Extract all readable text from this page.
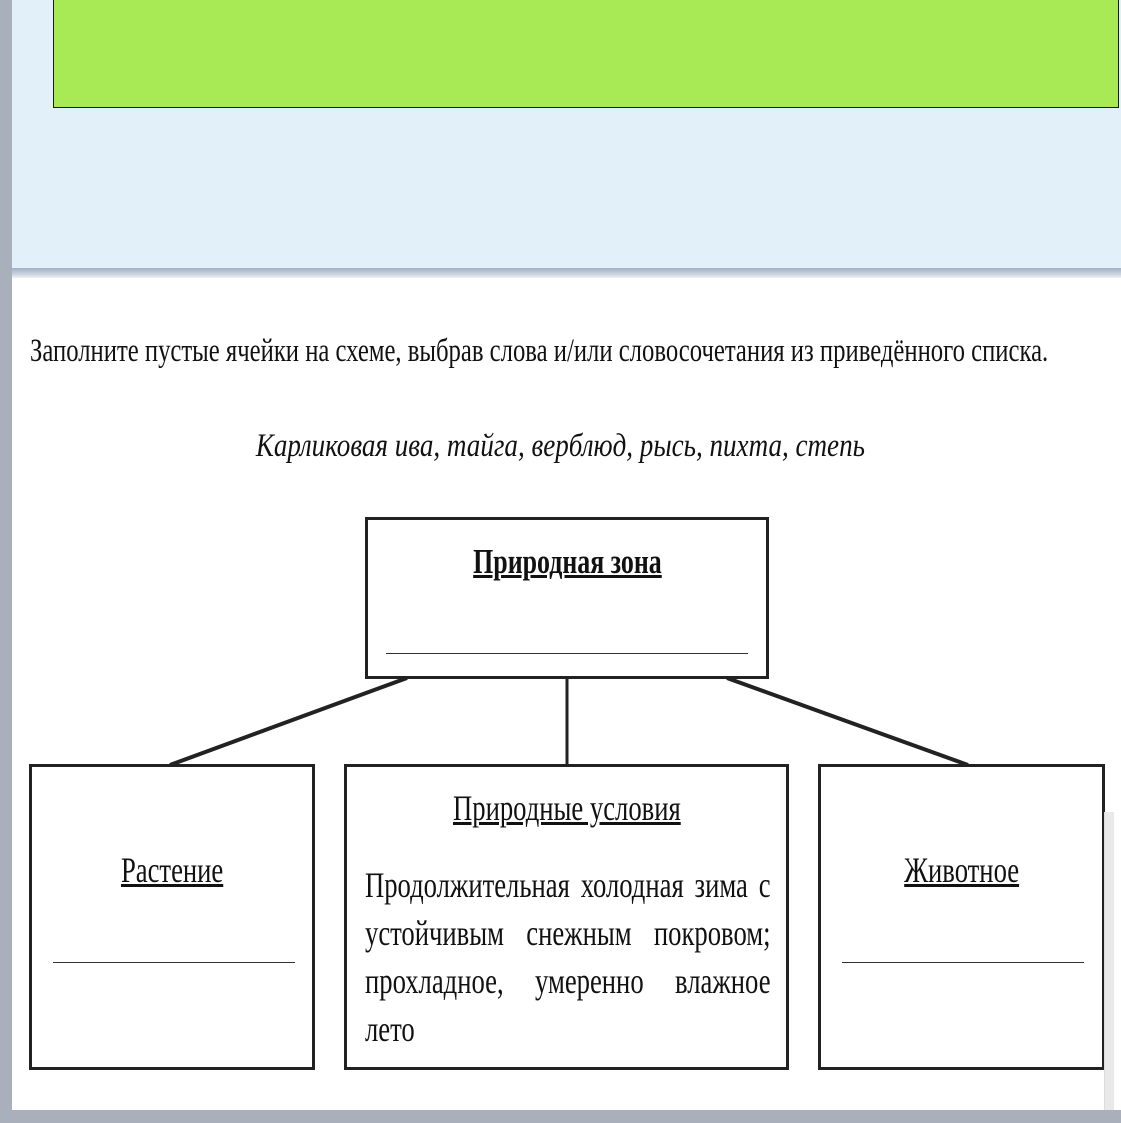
Заполните пустые ячейки на схеме, выбрав слова и/или словосочетания из приведённого списка.
Карликовая ива, тайга, верблюд, рысь, пихта, степь
Природная зона
Растение
Природные условия
Продолжительная холодная зима с устойчивым снежным покровом; прохладное, умеренно влажное лето
Животное
